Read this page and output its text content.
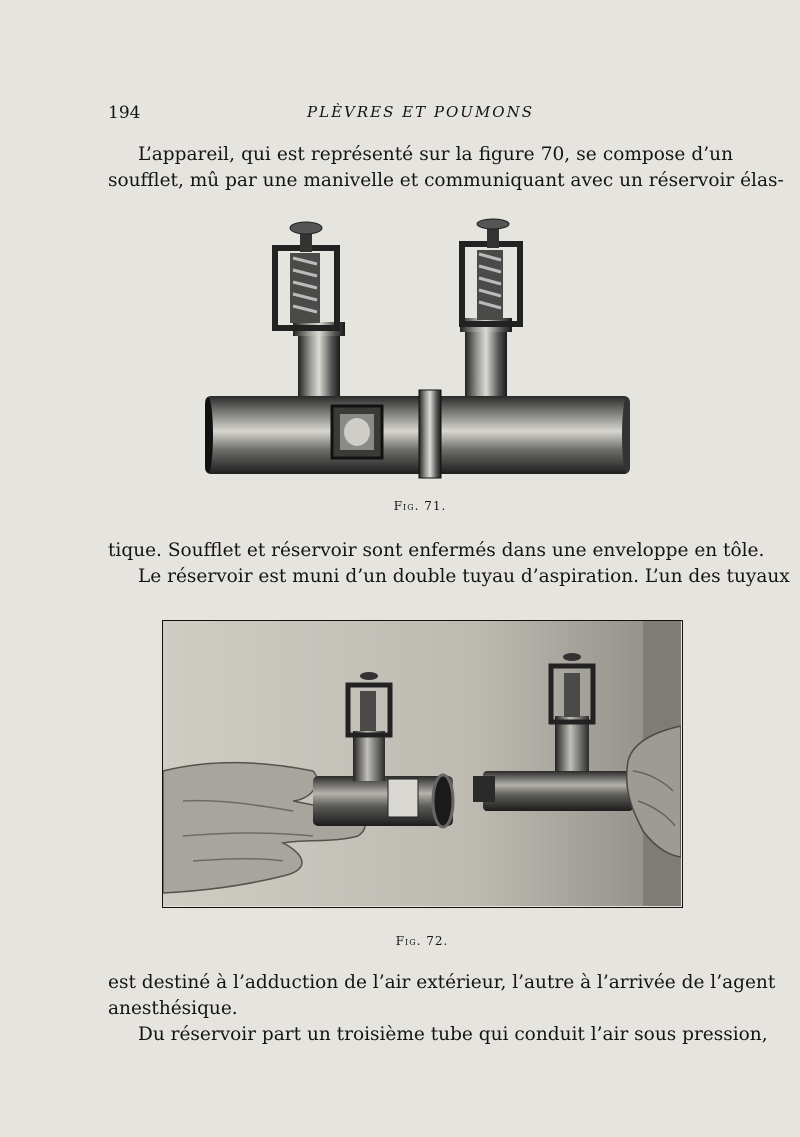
194	PLÈVRES ET POUMONS
L’appareil, qui est représenté sur la figure 70, se compose d’un
soufflet, mû par une manivelle et communiquant avec un réservoir élas-
Fig. 71.
tique. Soufflet et réservoir sont enfermés dans une enveloppe en tôle.
Le réservoir est muni d’un double tuyau d’aspiration. L’un des tuyaux
Fig. 72.
est destiné à l’adduction de l’air extérieur, l’autre à l’arrivée de l’agent
anesthésique.
Du réservoir part un troisième tube qui conduit l’air sous pression,
